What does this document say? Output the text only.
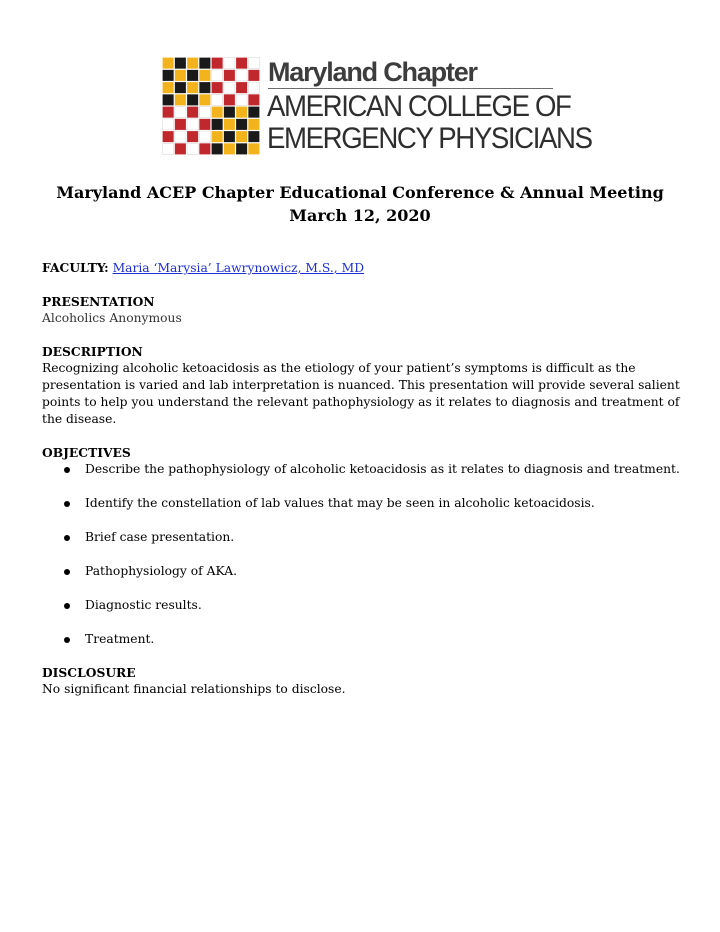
Maryland Chapter
AMERICAN COLLEGE OF
EMERGENCY PHYSICIANS
Maryland ACEP Chapter Educational Conference & Annual Meeting
March 12, 2020
FACULTY: Maria ‘Marysia’ Lawrynowicz, M.S., MD
PRESENTATION
Alcoholics Anonymous
DESCRIPTION
Recognizing alcoholic ketoacidosis as the etiology of your patient’s symptoms is difficult as the presentation is varied and lab interpretation is nuanced. This presentation will provide several salient points to help you understand the relevant pathophysiology as it relates to diagnosis and treatment of the disease.
OBJECTIVES
Describe the pathophysiology of alcoholic ketoacidosis as it relates to diagnosis and treatment.
Identify the constellation of lab values that may be seen in alcoholic ketoacidosis.
Brief case presentation.
Pathophysiology of AKA.
Diagnostic results.
Treatment.
DISCLOSURE
No significant financial relationships to disclose.
